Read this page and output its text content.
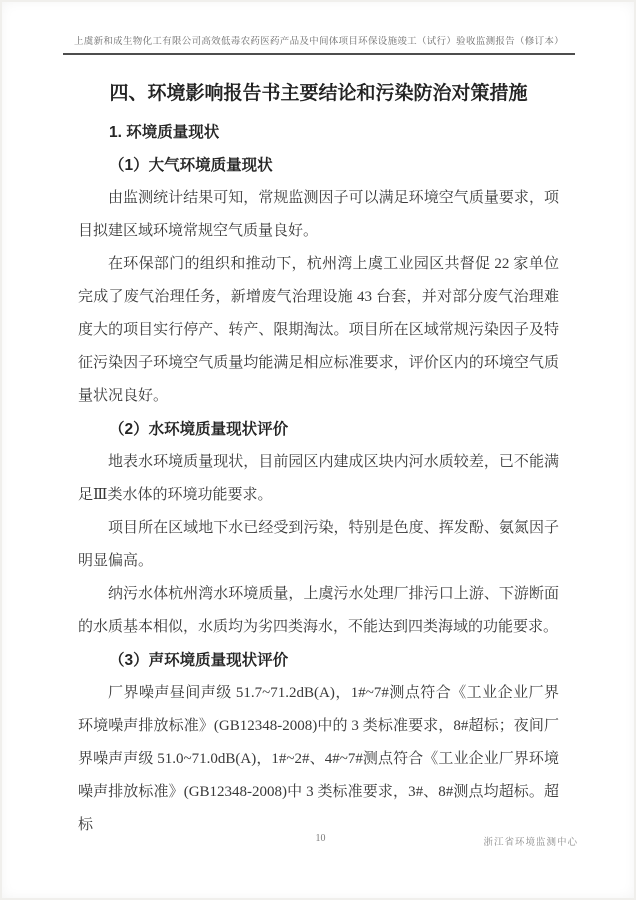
上虞新和成生物化工有限公司高效低毒农药医药产品及中间体项目环保设施竣工（试行）验收监测报告（修订本）
四、环境影响报告书主要结论和污染防治对策措施
1. 环境质量现状
（1）大气环境质量现状

由监测统计结果可知，常规监测因子可以满足环境空气质量要求，项目拟建区域环境常规空气质量良好。

在环保部门的组织和推动下，杭州湾上虞工业园区共督促 22 家单位完成了废气治理任务，新增废气治理设施 43 台套，并对部分废气治理难度大的项目实行停产、转产、限期淘汰。项目所在区域常规污染因子及特征污染因子环境空气质量均能满足相应标准要求，评价区内的环境空气质量状况良好。

（2）水环境质量现状评价

地表水环境质量现状，目前园区内建成区块内河水质较差，已不能满足Ⅲ类水体的环境功能要求。

项目所在区域地下水已经受到污染，特别是色度、挥发酚、氨氮因子明显偏高。

纳污水体杭州湾水环境质量，上虞污水处理厂排污口上游、下游断面的水质基本相似，水质均为劣四类海水，不能达到四类海域的功能要求。

（3）声环境质量现状评价

厂界噪声昼间声级 51.7~71.2dB(A)，1#~7#测点符合《工业企业厂界环境噪声排放标准》(GB12348-2008)中的 3 类标准要求，8#超标；夜间厂界噪声声级 51.0~71.0dB(A)，1#~2#、4#~7#测点符合《工业企业厂界环境噪声排放标准》(GB12348-2008)中 3 类标准要求，3#、8#测点均超标。超标

10	浙江省环境监测中心
